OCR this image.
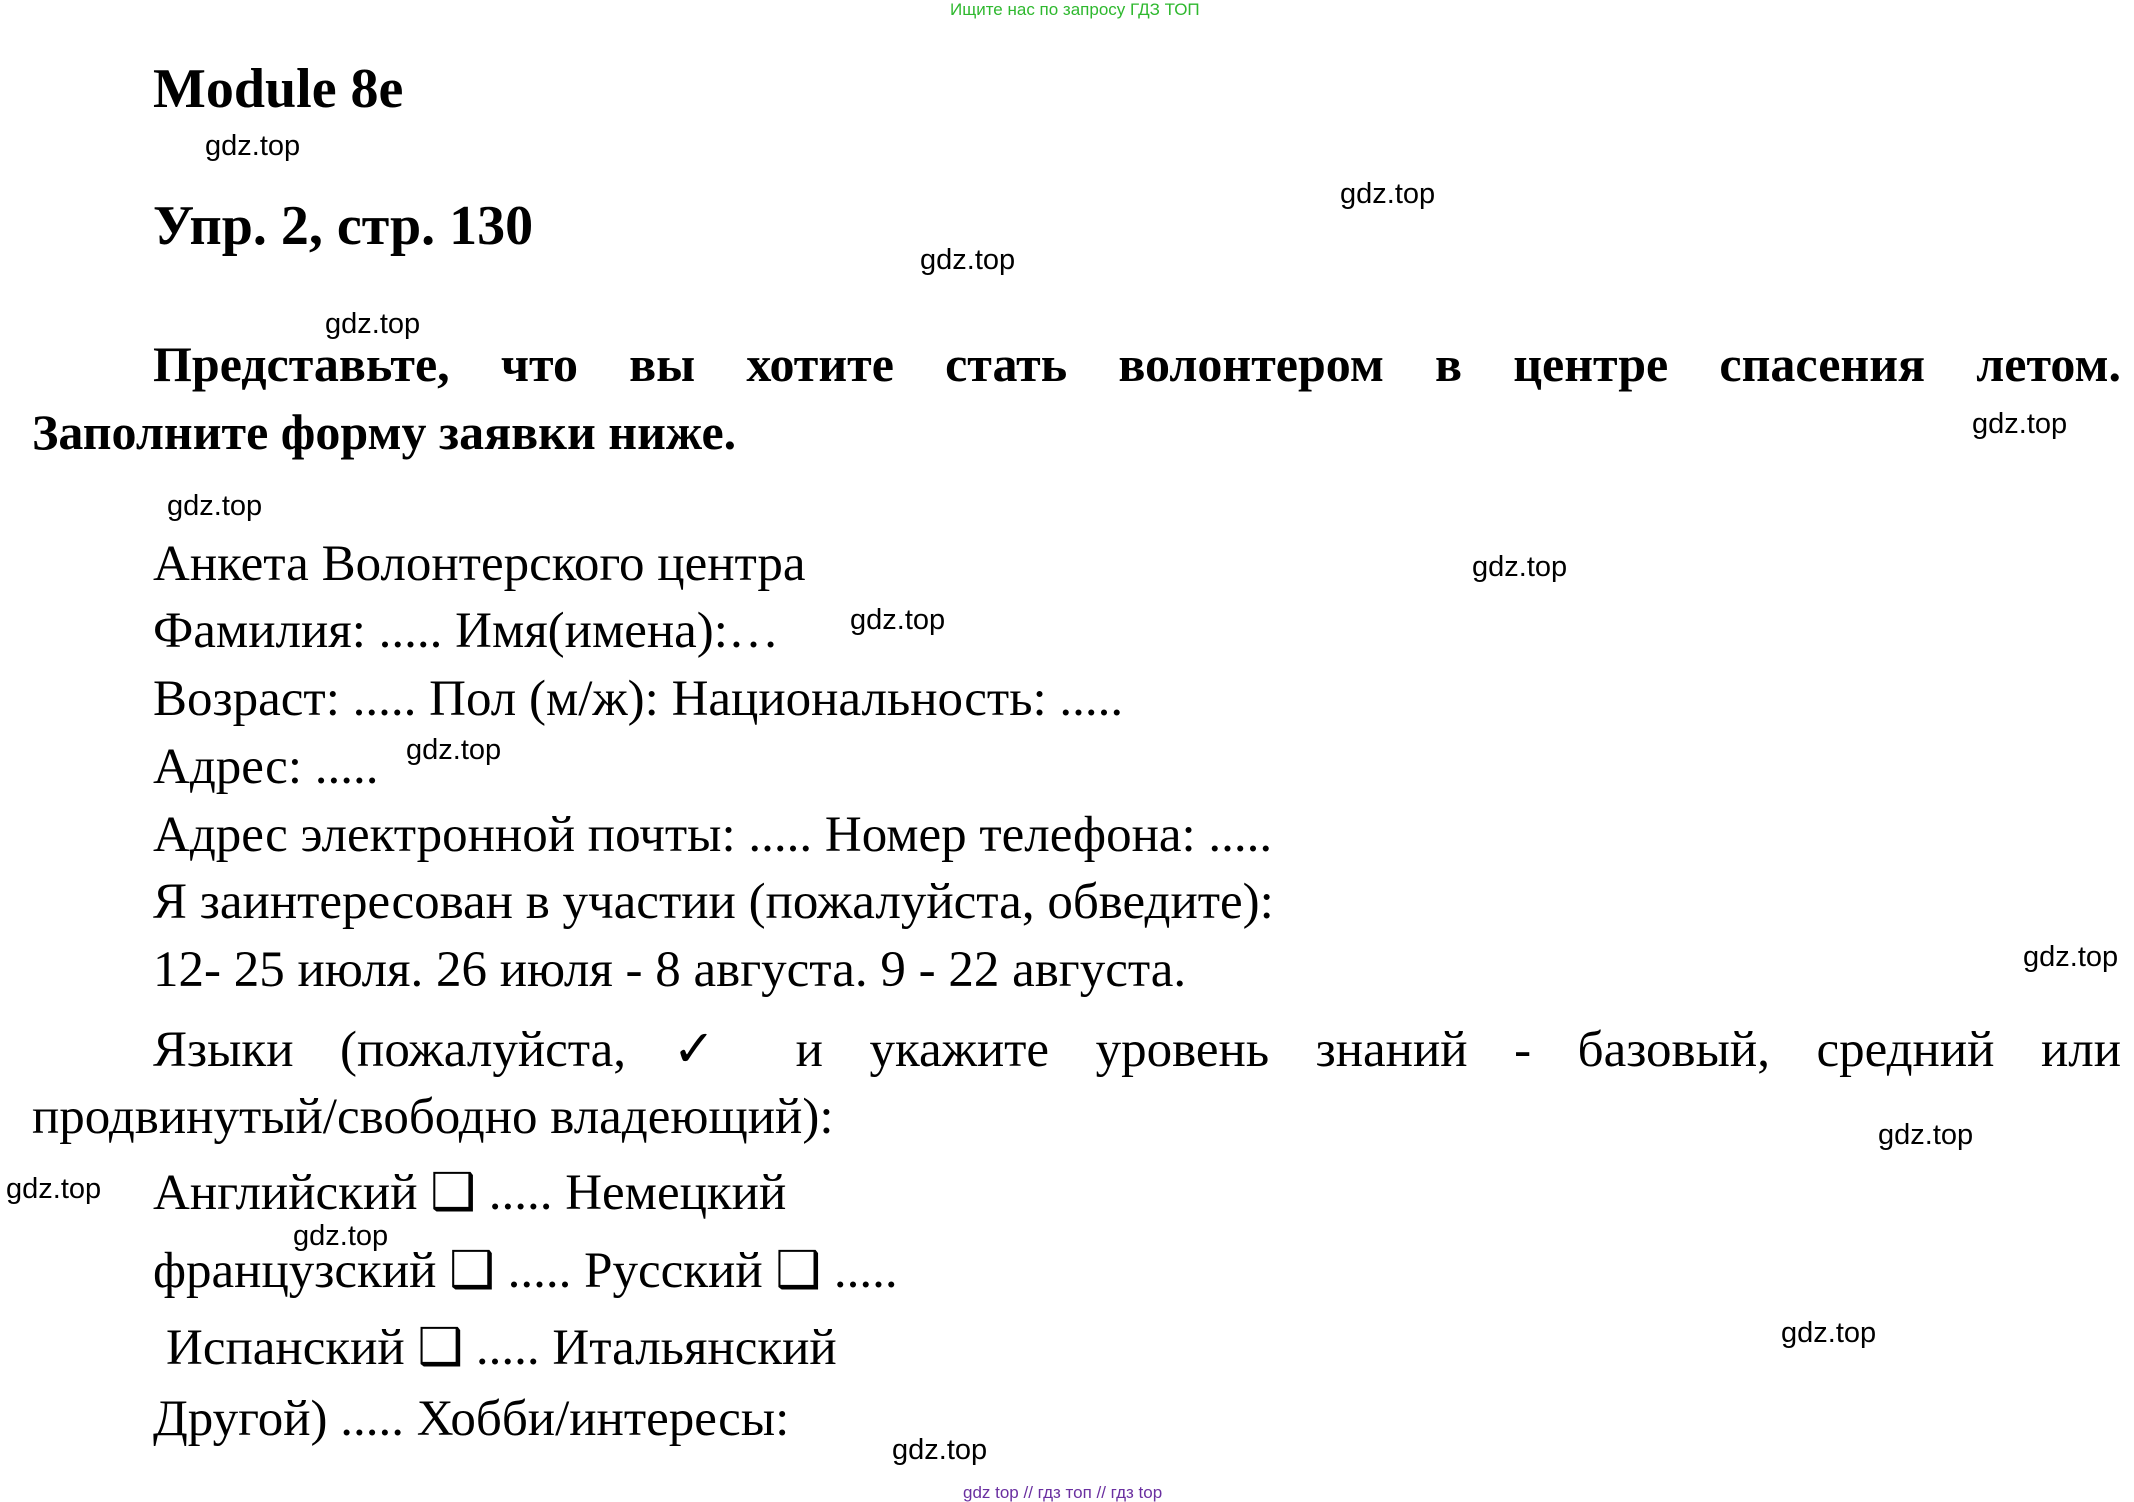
Ищите нас по запросу ГДЗ ТОП
Module 8e
Упр. 2, стр. 130
Представьте, что вы хотите стать волонтером в центре спасения летом.
Заполните форму заявки ниже.
Анкета Волонтерского центра
Фамилия: ..... Имя(имена):…
Возраст: ..... Пол (м/ж): Национальность: .....
Адрес: .....
Адрес электронной почты: ..... Номер телефона: .....
Я заинтересован в участии (пожалуйста, обведите):
12- 25 июля. 26 июля - 8 августа. 9 - 22 августа.
Языки (пожалуйста, ✓ и укажите уровень знаний - базовый, средний или
продвинутый/свободно владеющий):
Английский ❑ ..... Немецкий
французский ❑ ..... Русский ❑ .....
Испанский ❑ ..... Итальянский
Другой) ..... Хобби/интересы:
gdz.top
gdz.top
gdz.top
gdz.top
gdz.top
gdz.top
gdz.top
gdz.top
gdz.top
gdz.top
gdz.top
gdz.top
gdz.top
gdz.top
gdz.top
gdz top // гдз топ // гдз top
